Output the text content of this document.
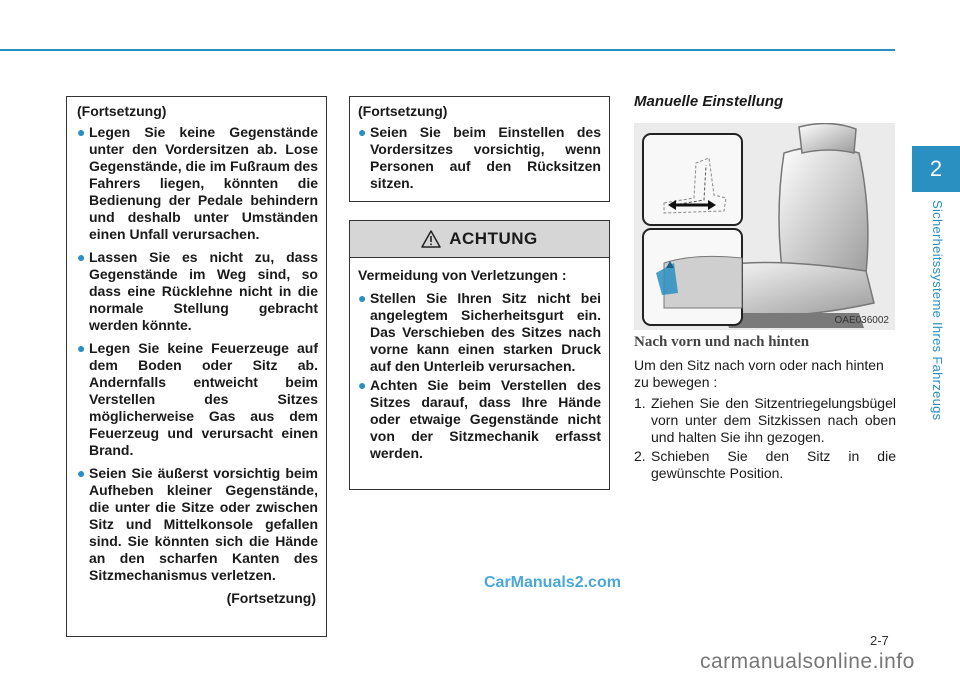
2
Sicherheitssysteme Ihres Fahrzeugs
(Fortsetzung)
● Legen Sie keine Gegenstände unter den Vordersitzen ab. Lose Gegenstände, die im Fußraum des Fahrers liegen, könnten die Bedienung der Pedale behindern und deshalb unter Umständen einen Unfall verursachen.
● Lassen Sie es nicht zu, dass Gegenstände im Weg sind, so dass eine Rücklehne nicht in die normale Stellung gebracht werden könnte.
● Legen Sie keine Feuerzeuge auf dem Boden oder Sitz ab. Andernfalls entweicht beim Verstellen des Sitzes möglicherweise Gas aus dem Feuerzeug und verursacht einen Brand.
● Seien Sie äußerst vorsichtig beim Aufheben kleiner Gegenstände, die unter die Sitze oder zwischen Sitz und Mittelkonsole gefallen sind. Sie könnten sich die Hände an den scharfen Kanten des Sitzmechanismus verletzen.
(Fortsetzung)
(Fortsetzung)
● Seien Sie beim Einstellen des Vordersitzes vorsichtig, wenn Personen auf den Rücksitzen sitzen.
ACHTUNG
Vermeidung von Verletzungen :
● Stellen Sie Ihren Sitz nicht bei angelegtem Sicherheitsgurt ein. Das Verschieben des Sitzes nach vorne kann einen starken Druck auf den Unterleib verursachen.
● Achten Sie beim Verstellen des Sitzes darauf, dass Ihre Hände oder etwaige Gegenstände nicht von der Sitzmechanik erfasst werden.
Manuelle Einstellung
OAE036002
Nach vorn und nach hinten

Um den Sitz nach vorn oder nach hinten zu bewegen :

1. Ziehen Sie den Sitzentriegelungsbügel vorn unter dem Sitzkissen nach oben und halten Sie ihn gezogen.
2. Schieben Sie den Sitz in die gewünschte Position.
CarManuals2.com
2-7
carmanualsonline.info
